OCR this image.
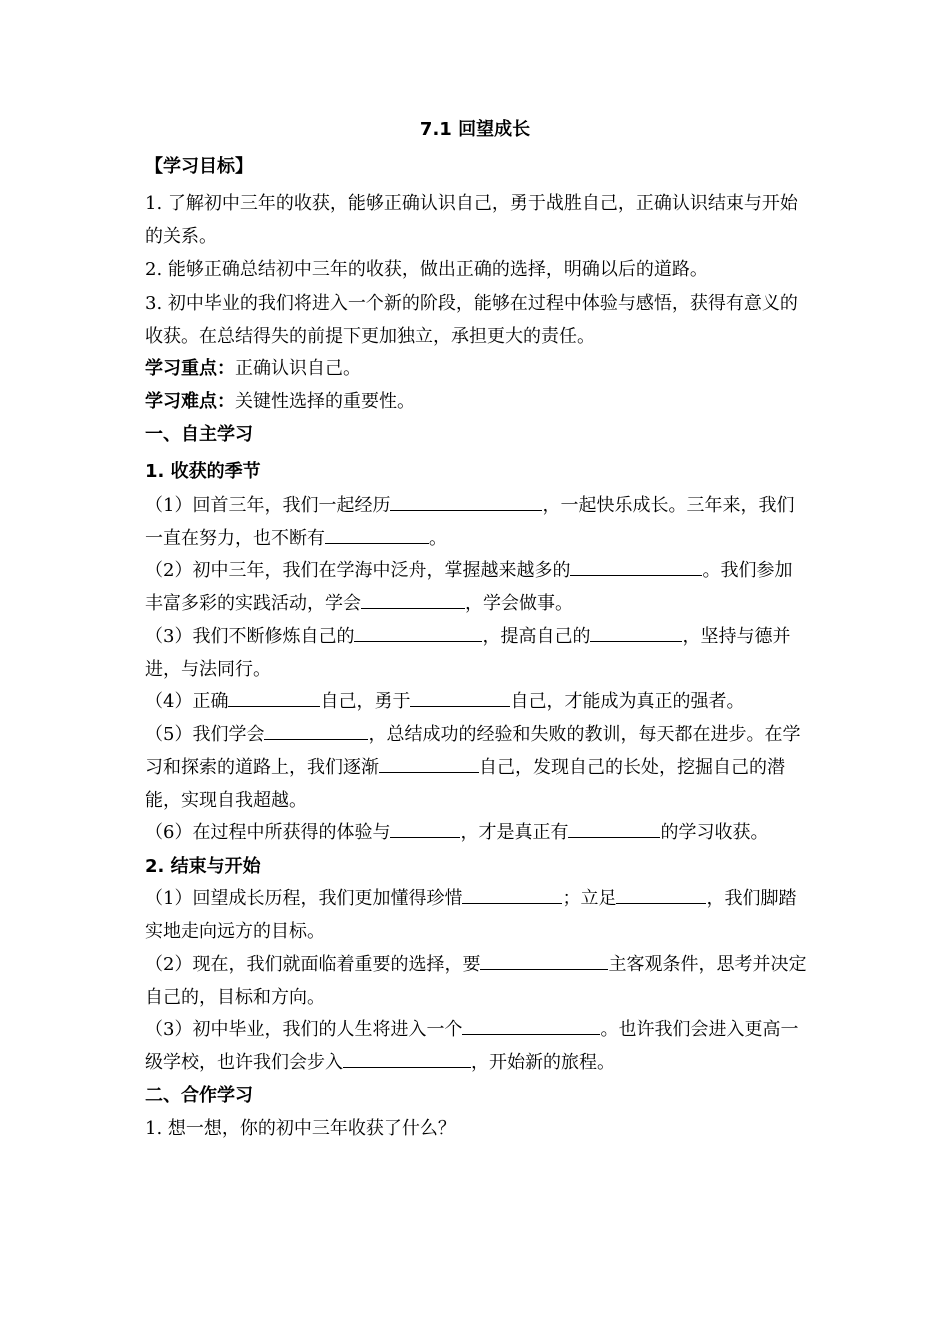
7.1 回望成长

【学习目标】

1. 了解初中三年的收获，能够正确认识自己，勇于战胜自己，正确认识结束与开始的关系。

2. 能够正确总结初中三年的收获，做出正确的选择，明确以后的道路。

3. 初中毕业的我们将进入一个新的阶段，能够在过程中体验与感悟，获得有意义的收获。在总结得失的前提下更加独立，承担更大的责任。

学习重点：正确认识自己。

学习难点：关键性选择的重要性。

一、自主学习

1. 收获的季节

（1）回首三年，我们一起经历	，一起快乐成长。三年来，我们一直在努力，也不断有	。

（2）初中三年，我们在学海中泛舟，掌握越来越多的	。我们参加丰富多彩的实践活动，学会	，学会做事。

（3）我们不断修炼自己的	，提高自己的	，坚持与德并进，与法同行。

（4）正确	自己，勇于	自己，才能成为真正的强者。

（5）我们学会	，总结成功的经验和失败的教训，每天都在进步。在学习和探索的道路上，我们逐渐	自己，发现自己的长处，挖掘自己的潜能，实现自我超越。

（6）在过程中所获得的体验与	，才是真正有	的学习收获。

2. 结束与开始

（1）回望成长历程，我们更加懂得珍惜	；立足	，我们脚踏实地走向远方的目标。

（2）现在，我们就面临着重要的选择，要	主客观条件，思考并决定自己的，目标和方向。

（3）初中毕业，我们的人生将进入一个	。也许我们会进入更高一级学校，也许我们会步入	，开始新的旅程。

二、合作学习

1. 想一想，你的初中三年收获了什么？
